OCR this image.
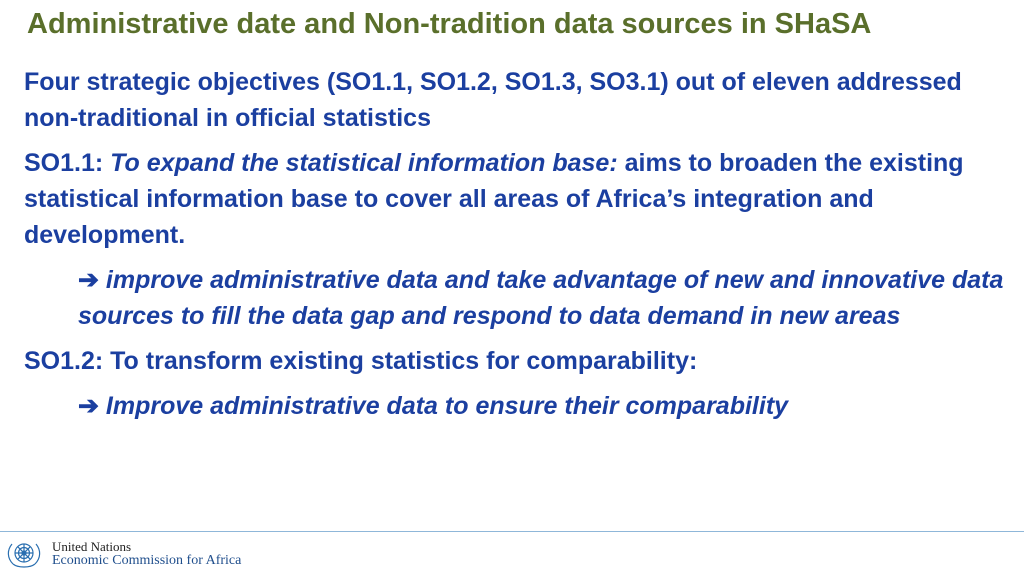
Administrative date and Non-tradition data sources in SHaSA

Four strategic objectives (SO1.1, SO1.2, SO1.3, SO3.1) out of eleven addressed non-traditional in official statistics

SO1.1: To expand the statistical information base: aims to broaden the existing statistical information base to cover all areas of Africa’s integration and development.

➔ improve administrative data and take advantage of new and innovative data sources to fill the data gap and respond to data demand in new areas

SO1.2: To transform existing statistics for comparability:

➔ Improve administrative data to ensure their comparability

United Nations
Economic Commission for Africa
